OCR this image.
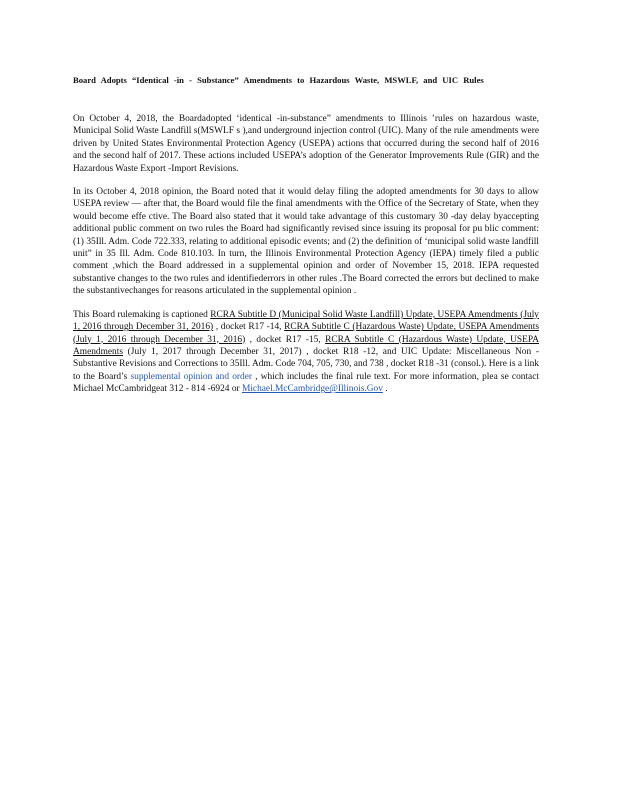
Board Adopts “Identical -in - Substance” Amendments to Hazardous Waste, MSWLF, and UIC Rules

On October 4, 2018, the Boardadopted ‘identical -in-substance” amendments to Illinois ’rules on hazardous waste, Municipal Solid Waste Landfill s(MSWLF s ),and underground injection control (UIC). Many of the rule amendments were driven by United States Environmental Protection Agency (USEPA) actions that occurred during the second half of 2016 and the second half of 2017. These actions included USEPA’s adoption of the Generator Improvements Rule (GIR) and the Hazardous Waste Export -Import Revisions.

In its October 4, 2018 opinion, the Board noted that it would delay filing the adopted amendments for 30 days to allow USEPA review — after that, the Board would file the final amendments with the Office of the Secretary of State, when they would become effe ctive. The Board also stated that it would take advantage of this customary 30 -day delay byaccepting additional public comment on two rules the Board had significantly revised since issuing its proposal for pu blic comment: (1) 35Ill. Adm. Code 722.333, relating to additional episodic events; and (2) the definition of ‘municipal solid waste landfill unit” in 35 Ill. Adm. Code 810.103. In turn, the Illinois Environmental Protection Agency (IEPA) timely filed a public comment ,which the Board addressed in a supplemental opinion and order of November 15, 2018. IEPA requested substantive changes to the two rules and identifiederrors in other rules .The Board corrected the errors but declined to make the substantivechanges for reasons articulated in the supplemental opinion .

This Board rulemaking is captioned RCRA Subtitle D (Municipal Solid Waste Landfill) Update, USEPA Amendments (July 1, 2016 through December 31, 2016) , docket R17 -14, RCRA Subtitle C (Hazardous Waste) Update, USEPA Amendments (July 1, 2016 through December 31, 2016) , docket R17 -15, RCRA Subtitle C (Hazardous Waste) Update, USEPA Amendments (July 1, 2017 through December 31, 2017) , docket R18 -12, and UIC Update: Miscellaneous Non -Substantive Revisions and Corrections to 35Ill. Adm. Code 704, 705, 730, and 738 , docket R18 -31 (consol.). Here is a link to the Board’s supplemental opinion and order , which includes the final rule text. For more information, plea se contact Michael McCambridgeat 312 - 814 -6924 or Michael.McCambridge@Illinois.Gov .
